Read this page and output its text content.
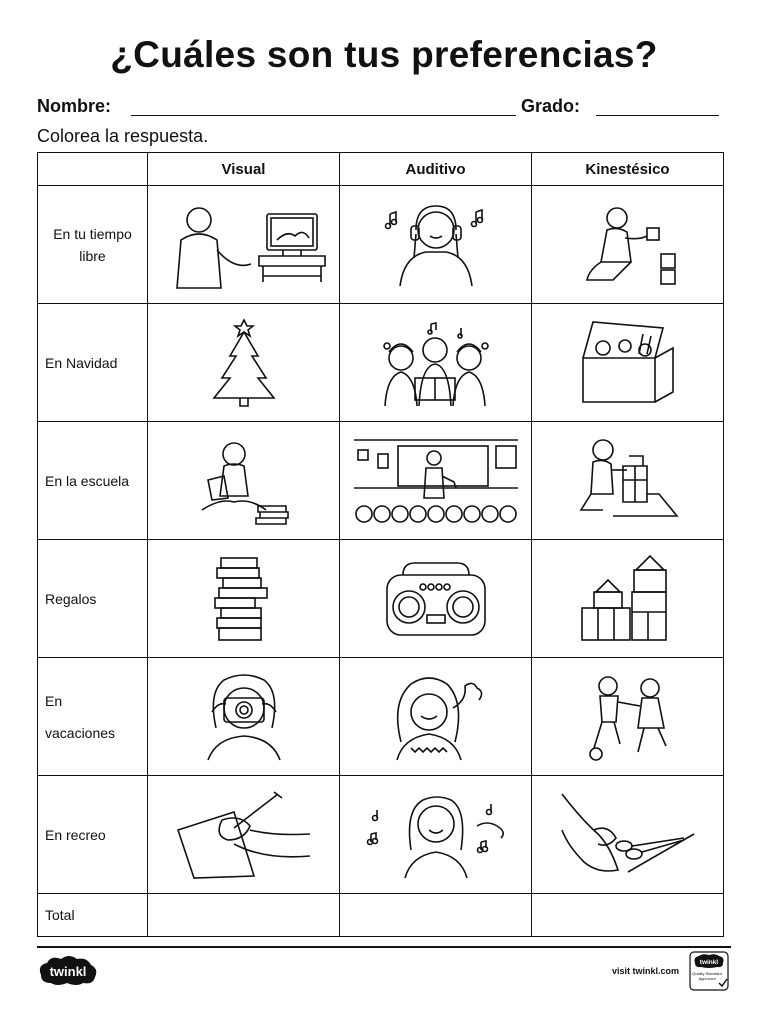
¿Cuáles son tus preferencias?
Nombre:	Grado:
Colorea la respuesta.
	Visual	Auditivo	Kinestésico
En tu tiempo libre	

En Navidad	

En la escuela	

Regalos	

En vacaciones	

En recreo	

Total			
twinkl	visit twinkl.com
twinkl
Quality Standard Approved
